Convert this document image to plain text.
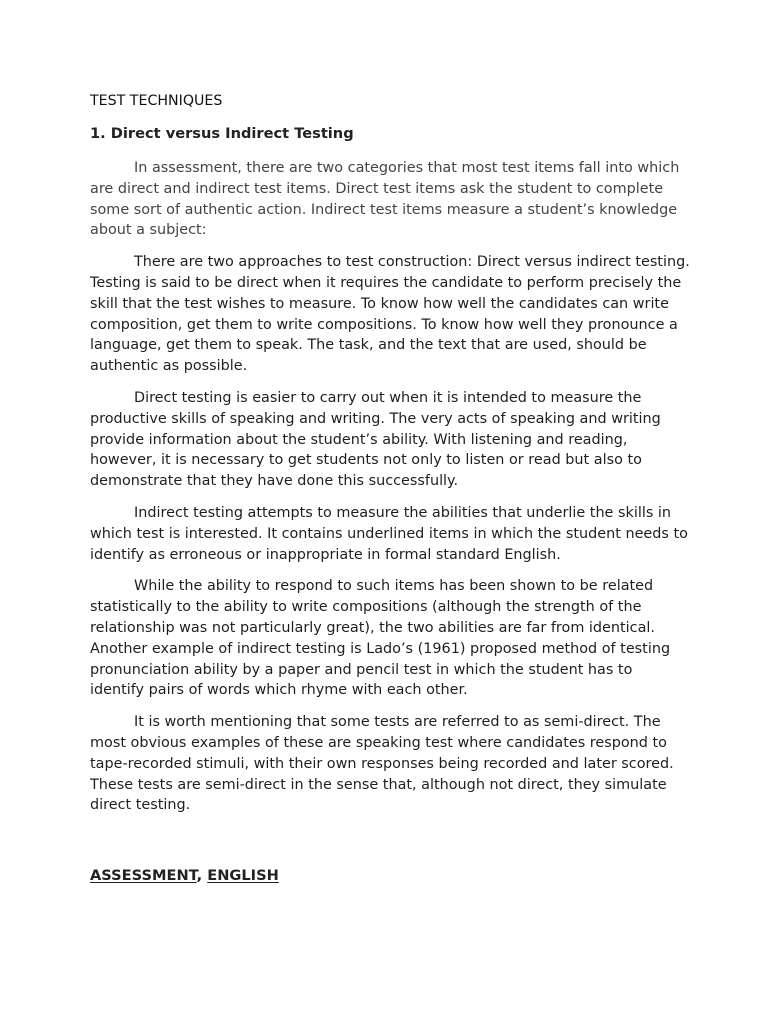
TEST TECHNIQUES

1. Direct versus Indirect Testing

In assessment, there are two categories that most test items fall into which are direct and indirect test items. Direct test items ask the student to complete some sort of authentic action. Indirect test items measure a student’s knowledge about a subject:

There are two approaches to test construction: Direct versus indirect testing. Testing is said to be direct when it requires the candidate to perform precisely the skill that the test wishes to measure. To know how well the candidates can write composition, get them to write compositions. To know how well they pronounce a language, get them to speak. The task, and the text that are used, should be authentic as possible.

Direct testing is easier to carry out when it is intended to measure the productive skills of speaking and writing. The very acts of speaking and writing provide information about the student’s ability. With listening and reading, however, it is necessary to get students not only to listen or read but also to demonstrate that they have done this successfully.

Indirect testing attempts to measure the abilities that underlie the skills in which test is interested. It contains underlined items in which the student needs to identify as erroneous or inappropriate in formal standard English.

While the ability to respond to such items has been shown to be related statistically to the ability to write compositions (although the strength of the relationship was not particularly great), the two abilities are far from identical. Another example of indirect testing is Lado’s (1961) proposed method of testing pronunciation ability by a paper and pencil test in which the student has to identify pairs of words which rhyme with each other.

It is worth mentioning that some tests are referred to as semi-direct. The most obvious examples of these are speaking test where candidates respond to tape-recorded stimuli, with their own responses being recorded and later scored. These tests are semi-direct in the sense that, although not direct, they simulate direct testing.

ASSESSMENT, ENGLISH
